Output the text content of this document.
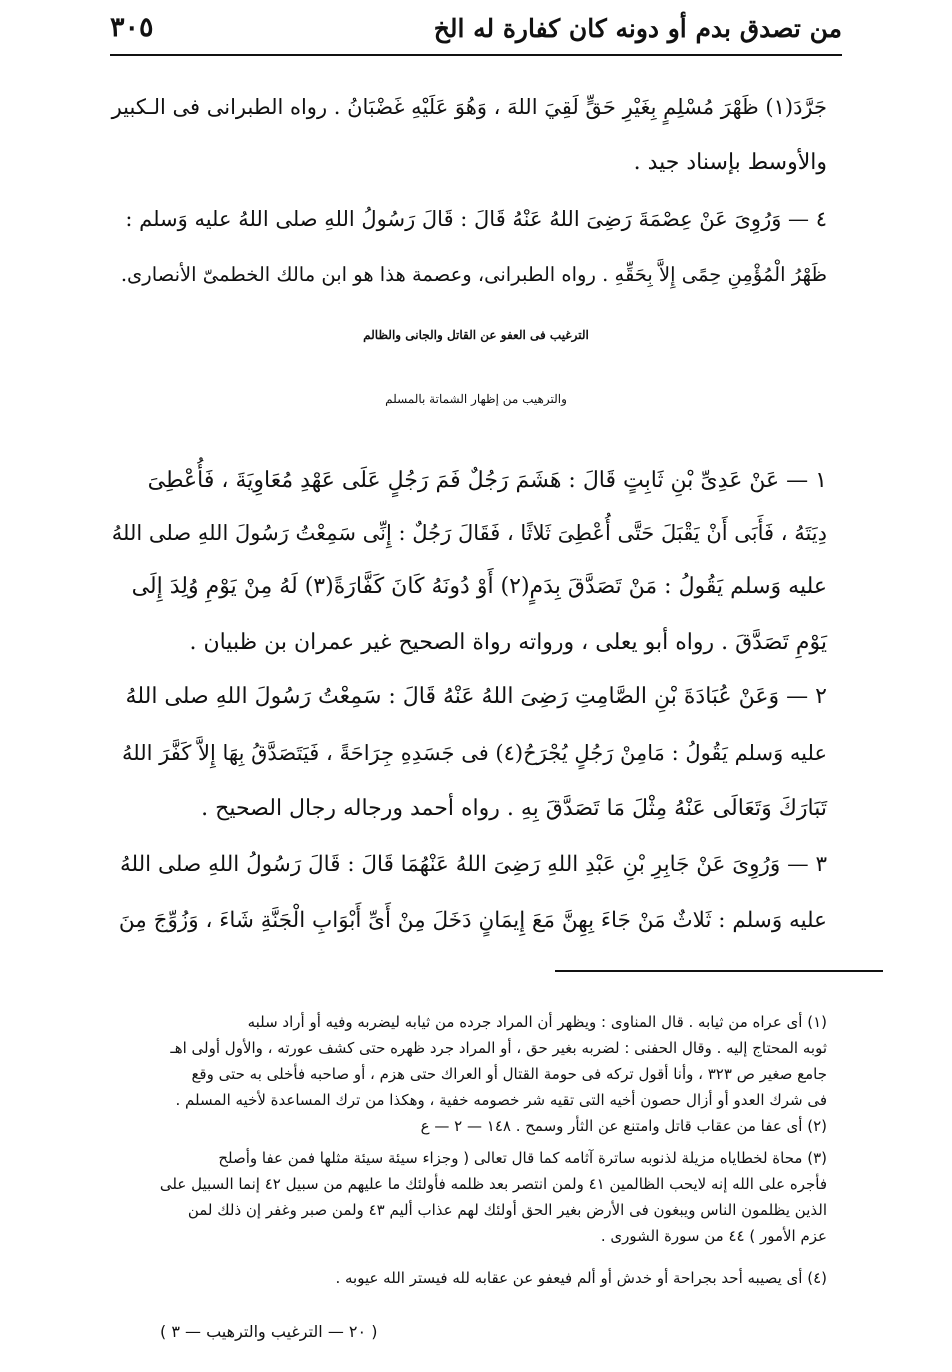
من تصدق بدم أو دونه كان كفارة له الخ
٣٠٥
جَرَّدَ(١) ظَهْرَ مُسْلِمٍ بِغَيْرِ حَقٍّ لَقِيَ اللهَ ، وَهُوَ عَلَيْهِ غَضْبَانُ . رواه الطبرانى فى الـكبير
والأوسط بإسناد جيد .
٤ — وَرُوِىَ عَنْ عِصْمَةَ رَضِىَ اللهُ عَنْهُ قَالَ : قَالَ رَسُولُ اللهِ صلى اللهُ عليه وَسلم :
ظَهْرُ الْمُؤْمِنِ حِمًى إِلاَّ بِحَقِّهِ . رواه الطبرانى، وعصمة هذا هو ابن مالك الخطمىّ الأنصارى.
الترغيب فى العفو عن القاتل والجانى والظالم
والترهيب من إظهار الشماتة بالمسلم
١ — عَنْ عَدِىِّ بْنِ ثَابِتٍ قَالَ : هَشَمَ رَجُلٌ فَمَ رَجُلٍ عَلَى عَهْدِ مُعَاوِيَةَ ، فَأُعْطِىَ
دِيَتَهُ ، فَأَبَى أَنْ يَقْبَلَ حَتَّى أُعْطِىَ ثَلاثًا ، فَقَالَ رَجُلٌ : إِنِّى سَمِعْتُ رَسُولَ اللهِ صلى اللهُ
عليه وَسلم يَقُولُ : مَنْ تَصَدَّقَ بِدَمٍ(٢) أَوْ دُونَهُ كَانَ كَفَّارَةً(٣) لَهُ مِنْ يَوْمِ وُلِدَ إِلَى
يَوْمِ تَصَدَّقَ . رواه أبو يعلى ، ورواته رواة الصحيح غير عمران بن ظبيان .
٢ — وَعَنْ عُبَادَةَ بْنِ الصَّامِتِ رَضِىَ اللهُ عَنْهُ قَالَ : سَمِعْتُ رَسُولَ اللهِ صلى اللهُ
عليه وَسلم يَقُولُ : مَامِنْ رَجُلٍ يُجْرَحُ(٤) فى جَسَدِهِ جِرَاحَةً ، فَيَتَصَدَّقُ بِهَا إِلاَّ كَفَّرَ اللهُ
تَبَارَكَ وَتَعَالَى عَنْهُ مِثْلَ مَا تَصَدَّقَ بِهِ . رواه أحمد ورجاله رجال الصحيح .
٣ — وَرُوِىَ عَنْ جَابِرِ بْنِ عَبْدِ اللهِ رَضِىَ اللهُ عَنْهُمَا قَالَ : قَالَ رَسُولُ اللهِ صلى اللهُ
عليه وَسلم : ثَلاثٌ مَنْ جَاءَ بِهِنَّ مَعَ إِيمَانٍ دَخَلَ مِنْ أَىِّ أَبْوَابِ الْجَنَّةِ شَاءَ ، وَزُوِّجَ مِنَ
(١) أى عراه من ثيابه . قال المناوى : ويظهر أن المراد جرده من ثيابه ليضربه وفيه أو أراد سلبه
ثوبه المحتاج إليه . وقال الحفنى : لضربه بغير حق ، أو المراد جرد ظهره حتى كشف عورته ، والأول أولى اهـ
جامع صغير ص ٣٢٣ ، وأنا أقول تركه فى حومة القتال أو العراك حتى هزم ، أو صاحبه فأخلى به حتى وقع
فى شرك العدو أو أزال حصون أخيه التى تقيه شر خصومه خفية ، وهكذا من ترك المساعدة لأخيه المسلم .
(٢) أى عفا من عقاب قاتل وامتنع عن الثأر وسمح . ١٤٨ — ٢ — ع
(٣) محاة لخطاياه مزيلة لذنوبه ساترة آثامه كما قال تعالى ( وجزاء سيئة سيئة مثلها فمن عفا وأصلح
فأجره على الله إنه لايحب الظالمين ٤١ ولمن انتصر بعد ظلمه فأولئك ما عليهم من سبيل ٤٢ إنما السبيل على
الذين يظلمون الناس ويبغون فى الأرض بغير الحق أولئك لهم عذاب أليم ٤٣ ولمن صبر وغفر إن ذلك لمن
عزم الأمور ) ٤٤ من سورة الشورى .
(٤) أى يصيبه أحد بجراحة أو خدش أو ألم فيعفو عن عقابه لله فيستر الله عيوبه .
( ٢٠ — الترغيب والترهيب — ٣ )
